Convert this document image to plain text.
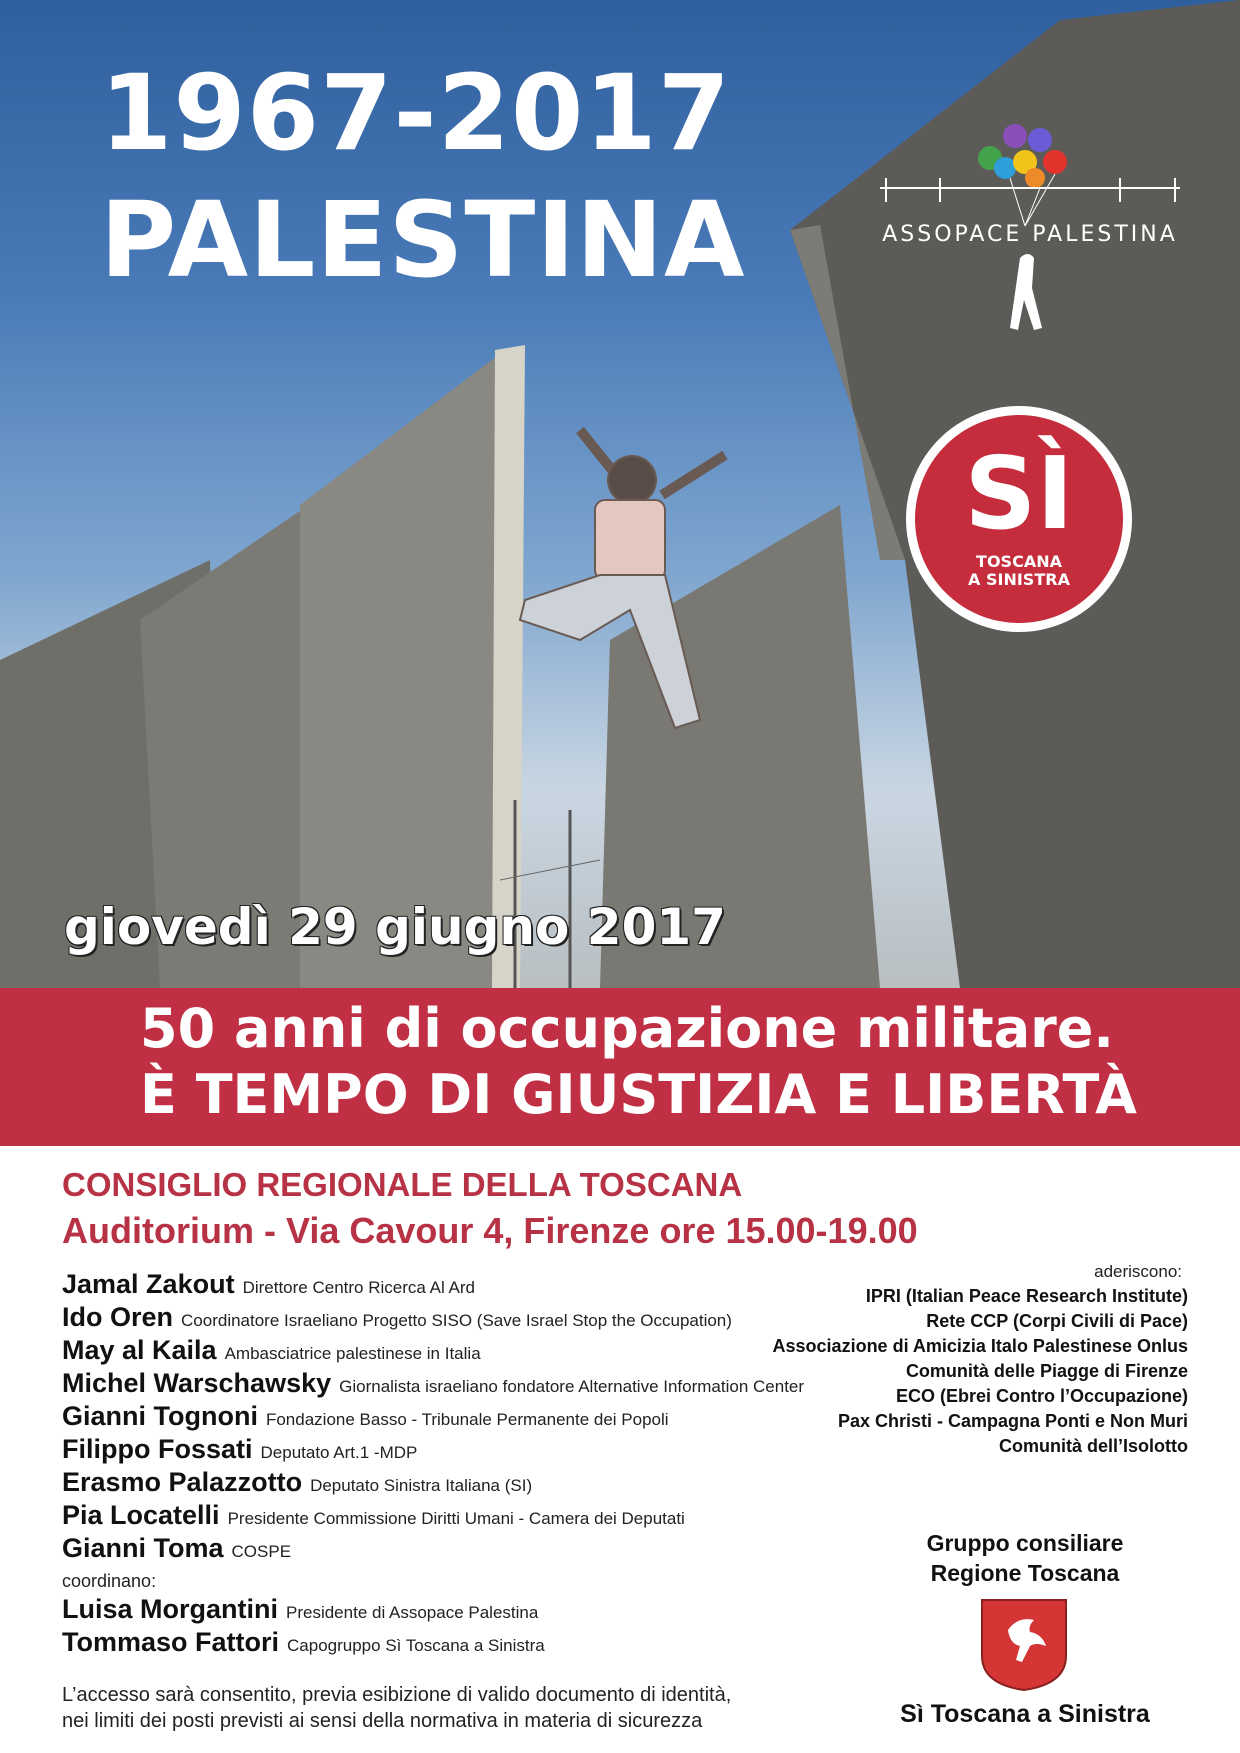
1967-2017
PALESTINA	ASSOPACE PALESTINA
SÌ
TOSCANA
A SINISTRA
giovedì 29 giugno 2017
50 anni di occupazione militare.
È TEMPO DI GIUSTIZIA E LIBERTÀ
CONSIGLIO REGIONALE DELLA TOSCANA
Auditorium - Via Cavour 4, Firenze ore 15.00-19.00
Jamal Zakout Direttore Centro Ricerca Al Ard
Ido Oren Coordinatore Israeliano Progetto SISO (Save Israel Stop the Occupation)
May al Kaila Ambasciatrice palestinese in Italia
Michel Warschawsky Giornalista israeliano fondatore Alternative Information Center
Gianni Tognoni Fondazione Basso - Tribunale Permanente dei Popoli
Filippo Fossati Deputato Art.1 -MDP
Erasmo Palazzotto Deputato Sinistra Italiana (SI)
Pia Locatelli Presidente Commissione Diritti Umani - Camera dei Deputati
Gianni Toma COSPE
coordinano:
Luisa Morgantini Presidente di Assopace Palestina
Tommaso Fattori Capogruppo Sì Toscana a Sinistra
L’accesso sarà consentito, previa esibizione di valido documento di identità,
nei limiti dei posti previsti ai sensi della normativa in materia di sicurezza
aderiscono:
IPRI (Italian Peace Research Institute)
Rete CCP (Corpi Civili di Pace)
Associazione di Amicizia Italo Palestinese Onlus
Comunità delle Piagge di Firenze
ECO (Ebrei Contro l’Occupazione)
Pax Christi - Campagna Ponti e Non Muri
Comunità dell’Isolotto
Gruppo consiliare
Regione Toscana
Sì Toscana a Sinistra
